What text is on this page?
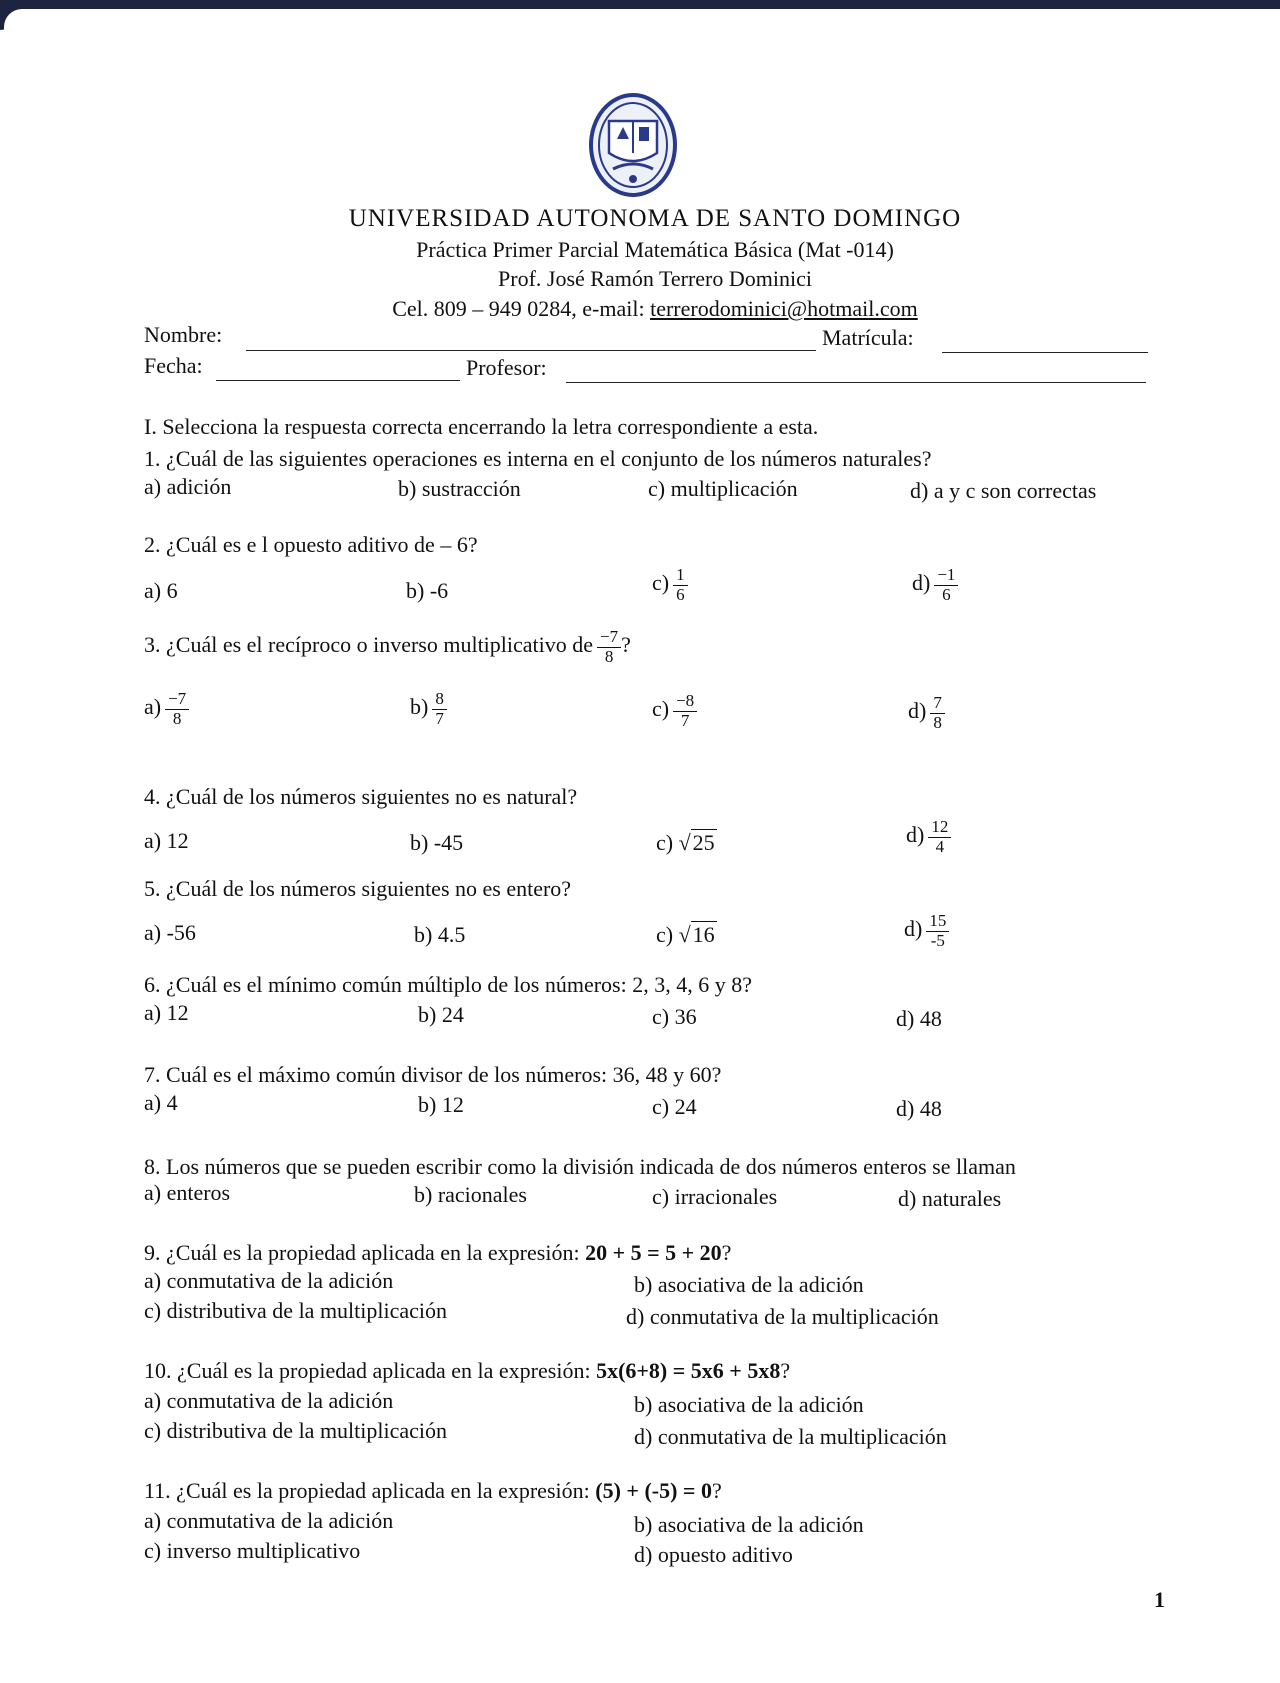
UNIVERSIDAD AUTONOMA DE SANTO DOMINGO
Práctica Primer Parcial Matemática Básica (Mat -014)
Prof. José Ramón Terrero Dominici
Cel. 809 – 949 0284, e-mail: terrerodominici@hotmail.com
Nombre:	Matrícula:
Fecha:	Profesor:
I. Selecciona la respuesta correcta encerrando la letra correspondiente a esta.
1. ¿Cuál de las siguientes operaciones es interna en el conjunto de los números naturales?
a) adición	b) sustracción	c) multiplicación	d) a y c son correctas
2. ¿Cuál es e l opuesto aditivo de – 6?
a) 6	b) -6	$c) \frac{1}{6}$	$d) \frac{-1}{6}$
3. ¿Cuál es el recíproco o inverso multiplicativo de $\frac{-7}{8}$ ?
$a) \frac{-7}{8}$	$b) \frac{8}{7}$	$c) \frac{-8}{7}$	$d) \frac{7}{8}$
4. ¿Cuál de los números siguientes no es natural?
a) 12	b) -45	c) √25	$d) \frac{12}{4}$
5. ¿Cuál de los números siguientes no es entero?
a) -56	b) 4.5	c) √16	$d) \frac{15}{-5}$
6. ¿Cuál es el mínimo común múltiplo de los números: 2, 3, 4, 6 y 8?
a) 12	b) 24	c) 36	d) 48
7. Cuál es el máximo común divisor de los números: 36, 48 y 60?
a) 4	b) 12	c) 24	d) 48
8. Los números que se pueden escribir como la división indicada de dos números enteros se llaman
a) enteros	b) racionales	c) irracionales	d) naturales
9. ¿Cuál es la propiedad aplicada en la expresión: 20 + 5 = 5 + 20?
a) conmutativa de la adición	b) asociativa de la adición
c) distributiva de la multiplicación	d) conmutativa de la multiplicación
10. ¿Cuál es la propiedad aplicada en la expresión: 5x(6+8) = 5x6 + 5x8?
a) conmutativa de la adición	b) asociativa de la adición
c) distributiva de la multiplicación	d) conmutativa de la multiplicación
11. ¿Cuál es la propiedad aplicada en la expresión: (5) + (-5) = 0?
a) conmutativa de la adición	b) asociativa de la adición
c) inverso multiplicativo	d) opuesto aditivo
1
